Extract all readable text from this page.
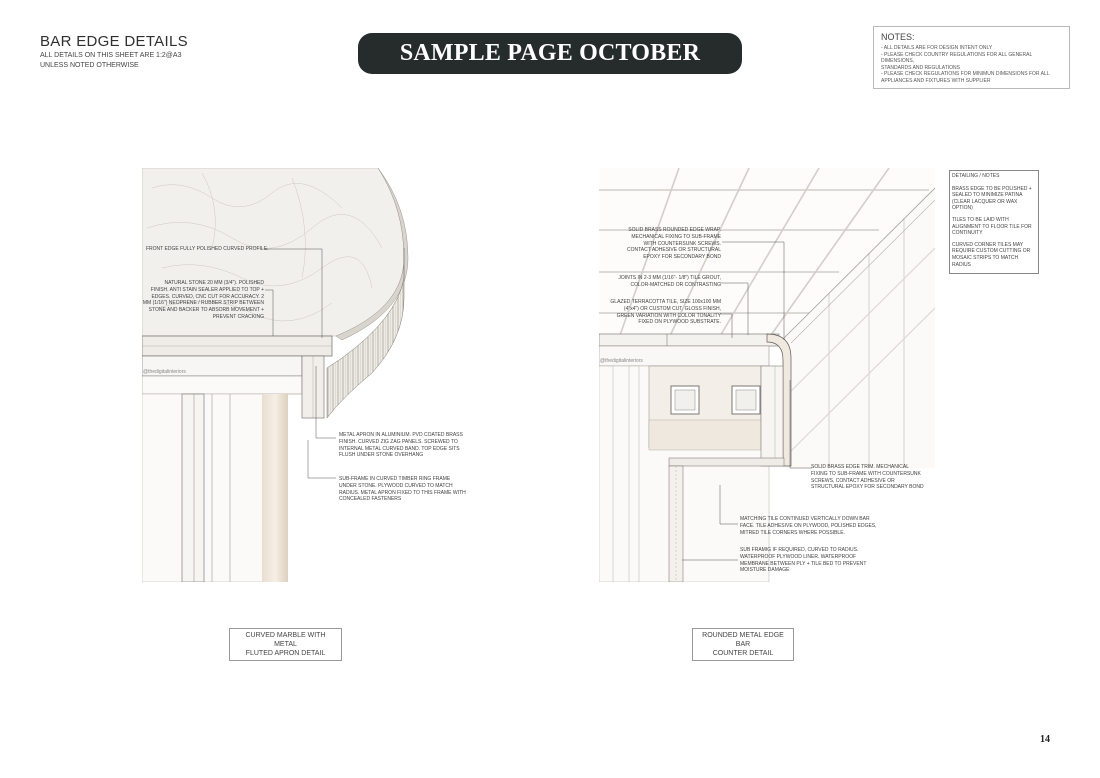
BAR EDGE DETAILS
ALL DETAILS ON THIS SHEET ARE 1:2@A3
UNLESS NOTED OTHERWISE	SAMPLE PAGE OCTOBER
NOTES:
- ALL DETAILS ARE FOR DESIGN INTENT ONLY
- PLEASE CHECK COUNTRY REGULATIONS FOR ALL GENERAL DIMENSIONS,
STANDARDS AND REGULATIONS
- PLEASE CHECK REGULATIONS FOR MINIMUN DIMENSIONS FOR ALL
APPLIANCES AND FIXTURES WITH SUPPLIER
@thedigitalinteriors
FRONT EDGE FULLY POLISHED CURVED PROFILE.
NATURAL STONE 20 MM (3/4"). POLISHED
FINISH. ANTI STAIN SEALER APPLIED TO TOP +
EDGES. CURVED, CNC CUT FOR ACCURACY. 2
MM (1/16") NEOPRENE / RUBBER STRIP BETWEEN
STONE AND BACKER TO ABSORB MOVEMENT +
PREVENT CRACKING
METAL APRON IN ALUMINIUM. PVD COATED BRASS
FINISH. CURVED ZIG ZAG PANELS. SCREWED TO
INTERNAL METAL CURVED BAND. TOP EDGE SITS
FLUSH UNDER STONE OVERHANG
SUB-FRAME IN CURVED TIMBER RING FRAME
UNDER STONE. PLYWOOD CURVED TO MATCH
RADIUS. METAL APRON FIXED TO THIS FRAME WITH
CONCEALED FASTENERS
@thedigitalinteriors
SOLID BRASS ROUNDED EDGE WRAP.
MECHANICAL FIXING TO SUB-FRAME
WITH COUNTERSUNK SCREWS.
CONTACT ADHESIVE OR STRUCTURAL
EPOXY FOR SECONDARY BOND
JOINTS IN 2-3 MM (1/16"- 1/8") TILE GROUT,
COLOR-MATCHED OR CONTRASTING
GLAZED TERRACOTTA TILE, SIZE 100x100 MM
(4"x4") OR CUSTOM CUT. GLOSS FINISH,
GREEN VARIATION WITH COLOR TONALITY
FIXED ON PLYWOOD SUBSTRATE.
SOLID BRASS EDGE TRIM. MECHANICAL
FIXING TO SUB-FRAME WITH COUNTERSUNK
SCREWS, CONTACT ADHESIVE OR
STRUCTURAL EPOXY FOR SECONDARY BOND
MATCHING TILE CONTINUED VERTICALLY DOWN BAR
FACE. TILE ADHESIVE ON PLYWOOD, POLISHED EDGES,
MITRED TILE CORNERS WHERE POSSIBLE.
SUB FRAMIG IF REQUIRED, CURVED TO RADIUS.
WATERPROOF PLYWOOD LINER. WATERPROOF
MEMBRANE BETWEEN PLY + TILE BED TO PREVENT
MOISTURE DAMAGE
DETAILING / NOTES
BRASS EDGE TO BE POLISHED + SEALED TO MINIMIZE PATINA (CLEAR LACQUER OR WAX OPTION)
TILES TO BE LAID WITH ALIGNMENT TO FLOOR TILE FOR CONTINUITY
CURVED CORNER TILES MAY REQUIRE CUSTOM CUTTING OR MOSAIC STRIPS TO MATCH RADIUS
CURVED MARBLE WITH METAL
FLUTED APRON DETAIL
ROUNDED METAL EDGE BAR
COUNTER DETAIL
14
